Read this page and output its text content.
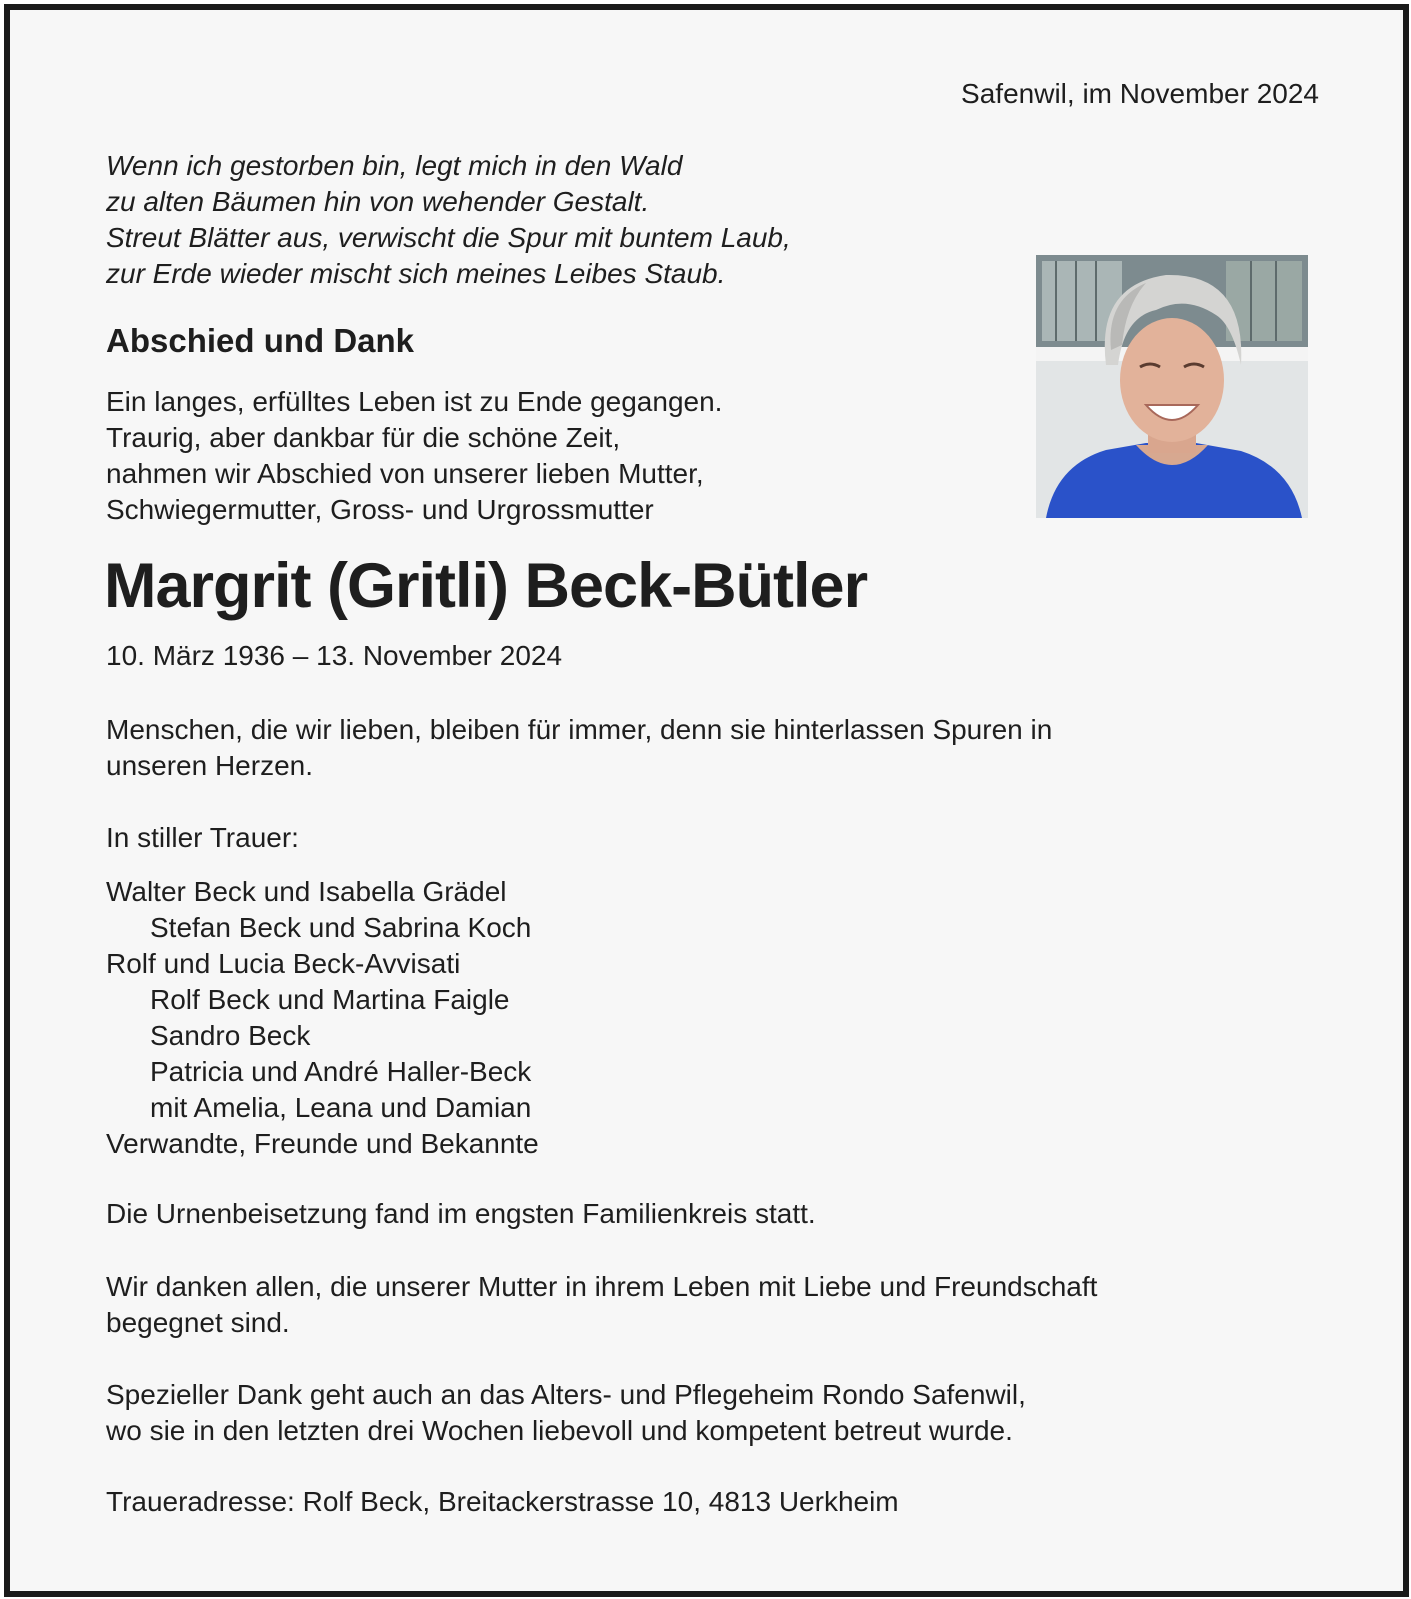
Safenwil, im November 2024

Wenn ich gestorben bin, legt mich in den Wald
zu alten Bäumen hin von wehender Gestalt.
Streut Blätter aus, verwischt die Spur mit buntem Laub,
zur Erde wieder mischt sich meines Leibes Staub.
Abschied und Dank
Ein langes, erfülltes Leben ist zu Ende gegangen.
Traurig, aber dankbar für die schöne Zeit,
nahmen wir Abschied von unserer lieben Mutter,
Schwiegermutter, Gross- und Urgrossmutter
Margrit (Gritli) Beck-Bütler

10. März 1936 – 13. November 2024

Menschen, die wir lieben, bleiben für immer, denn sie hinterlassen Spuren in
unseren Herzen.
In stiller Trauer:
Walter Beck und Isabella Grädel
Stefan Beck und Sabrina Koch
Rolf und Lucia Beck-Avvisati
Rolf Beck und Martina Faigle
Sandro Beck
Patricia und André Haller-Beck
mit Amelia, Leana und Damian
Verwandte, Freunde und Bekannte
Die Urnenbeisetzung fand im engsten Familienkreis statt.
Wir danken allen, die unserer Mutter in ihrem Leben mit Liebe und Freundschaft
begegnet sind.
Spezieller Dank geht auch an das Alters- und Pflegeheim Rondo Safenwil,
wo sie in den letzten drei Wochen liebevoll und kompetent betreut wurde.
Traueradresse: Rolf Beck, Breitackerstrasse 10, 4813 Uerkheim
